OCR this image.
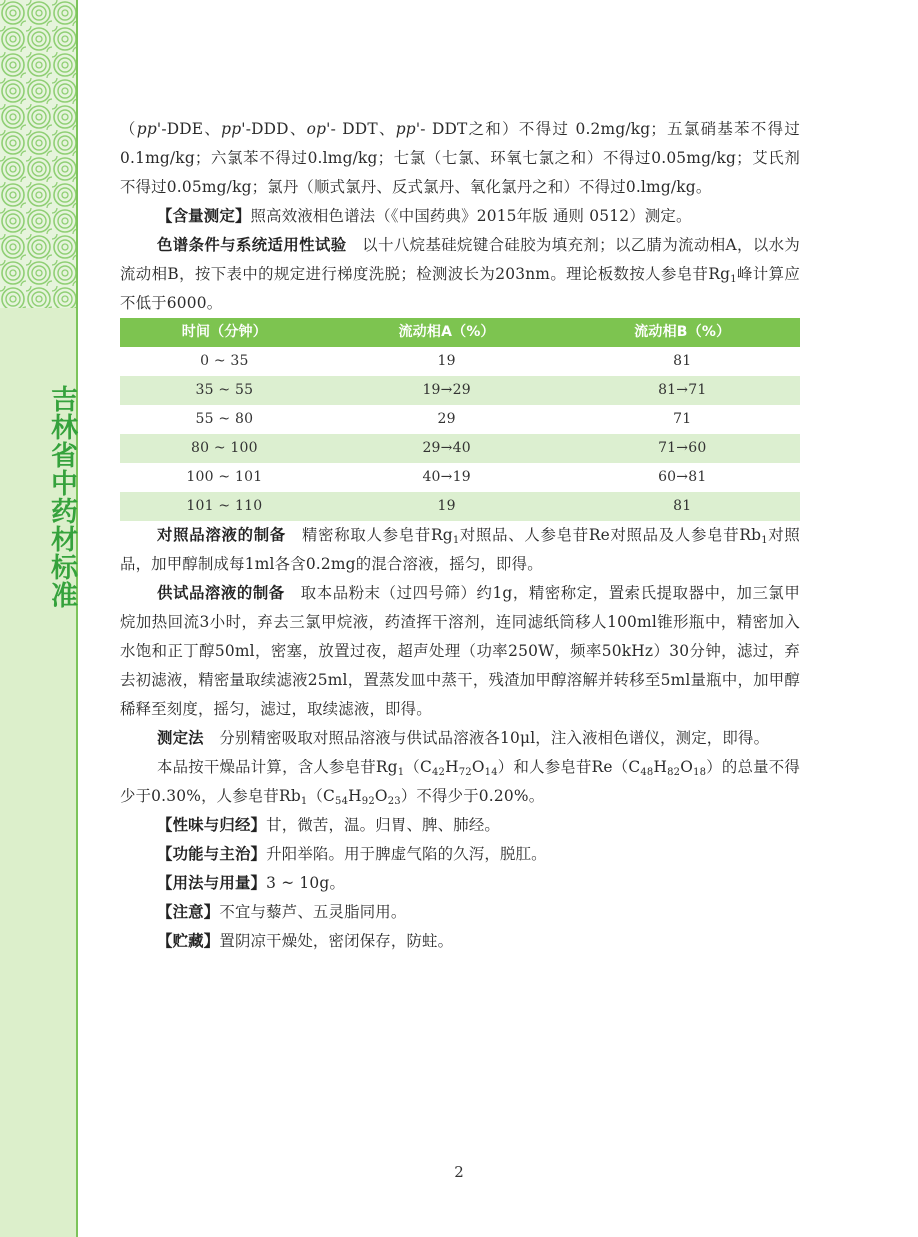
吉林省中药材标准

（pp'-DDE、pp'-DDD、op'- DDT、pp'- DDT之和）不得过 0.2mg/kg；五氯硝基苯不得过0.1mg/kg；六氯苯不得过0.lmg/kg；七氯（七氯、环氧七氯之和）不得过0.05mg/kg；艾氏剂不得过0.05mg/kg；氯丹（顺式氯丹、反式氯丹、氧化氯丹之和）不得过0.lmg/kg。

【含量测定】照高效液相色谱法（《中国药典》2015年版 通则 0512）测定。

色谱条件与系统适用性试验　以十八烷基硅烷键合硅胶为填充剂；以乙腈为流动相A，以水为流动相B，按下表中的规定进行梯度洗脱；检测波长为203nm。理论板数按人参皂苷$Rg_1$峰计算应不低于6000。

时间（分钟）	流动相A（%）	流动相B（%）
0 ~ 35	19	81
35 ~ 55	19→29	81→71
55 ~ 80	29	71
80 ~ 100	29→40	71→60
100 ~ 101	40→19	60→81
101 ~ 110	19	81

对照品溶液的制备　精密称取人参皂苷$Rg_1$对照品、人参皂苷Re对照品及人参皂苷$Rb_1$对照品，加甲醇制成每1ml各含0.2mg的混合溶液，摇匀，即得。

供试品溶液的制备　取本品粉末（过四号筛）约1g，精密称定，置索氏提取器中，加三氯甲烷加热回流3小时，弃去三氯甲烷液，药渣挥干溶剂，连同滤纸筒移人100ml锥形瓶中，精密加入水饱和正丁醇50ml，密塞，放置过夜，超声处理（功率250W，频率50kHz）30分钟，滤过，弃去初滤液，精密量取续滤液25ml，置蒸发皿中蒸干，残渣加甲醇溶解并转移至5ml量瓶中，加甲醇稀释至刻度，摇匀，滤过，取续滤液，即得。

测定法　分别精密吸取对照品溶液与供试品溶液各10μl，注入液相色谱仪，测定，即得。

本品按干燥品计算，含人参皂苷$Rg_1(C_{42}H_{72}O_{14})$和人参皂苷$Re(C_{48}H_{82}O_{18})$的总量不得少于0.30%，人参皂苷$Rb_1(C_{54}H_{92}O_{23})$不得少于0.20%。

【性味与归经】甘，微苦，温。归胃、脾、肺经。

【功能与主治】升阳举陷。用于脾虚气陷的久泻，脱肛。

【用法与用量】3 ~ 10g。

【注意】不宜与藜芦、五灵脂同用。

【贮藏】置阴凉干燥处，密闭保存，防蛀。

2
